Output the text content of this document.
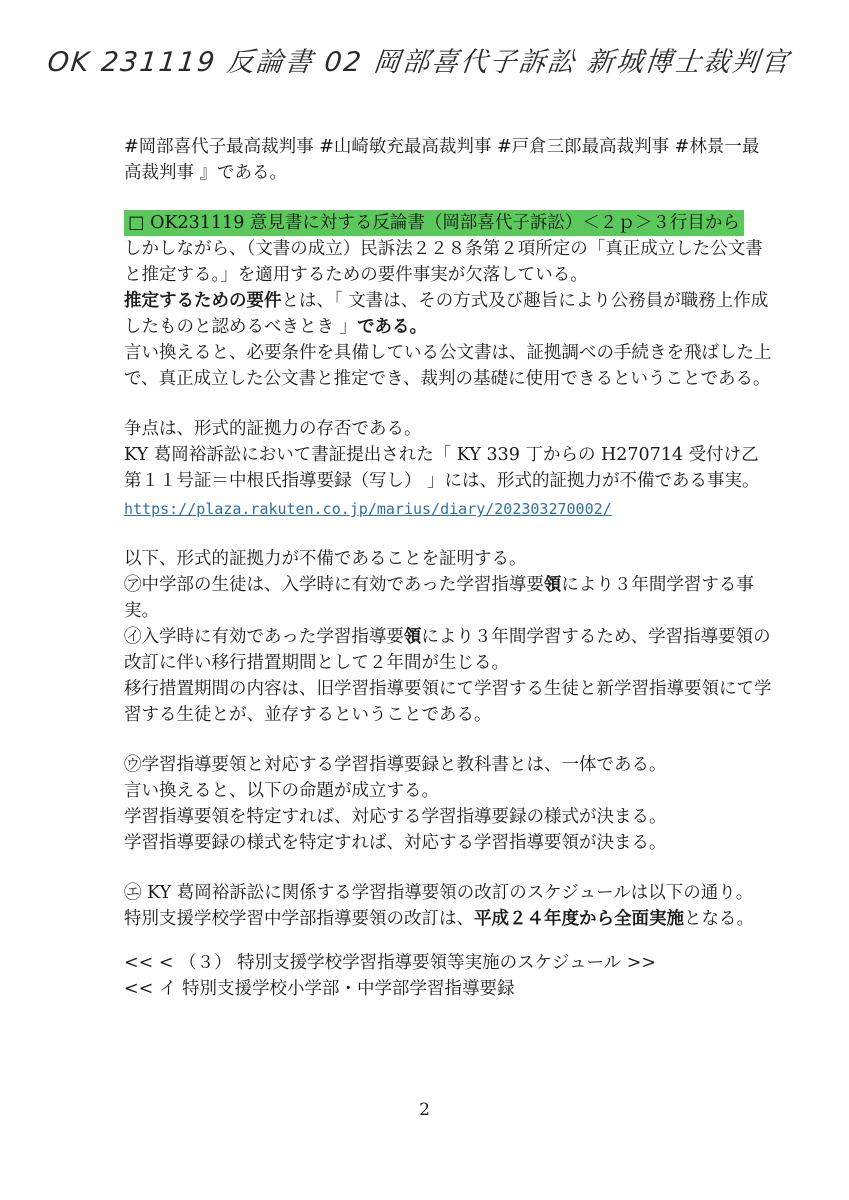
OK 231119 反論書 02 岡部喜代子訴訟 新城博士裁判官

#岡部喜代子最高裁判事 #山崎敏充最高裁判事 #戸倉三郎最高裁判事 #林景一最高裁判事 』である。

□ OK231119 意見書に対する反論書（岡部喜代子訴訟）＜２ｐ＞３行目から

しかしながら、（文書の成立）民訴法２２８条第２項所定の「真正成立した公文書と推定する。」を適用するための要件事実が欠落している。

推定するための要件とは、「 文書は、その方式及び趣旨により公務員が職務上作成したものと認めるべきとき 」である。

言い換えると、必要条件を具備している公文書は、証拠調べの手続きを飛ばした上で、真正成立した公文書と推定でき、裁判の基礎に使用できるということである。

争点は、形式的証拠力の存否である。

KY 葛岡裕訴訟において書証提出された「 KY 339 丁からの H270714 受付け乙第１１号証＝中根氏指導要録（写し） 」には、形式的証拠力が不備である事実。

https://plaza.rakuten.co.jp/marius/diary/202303270002/

以下、形式的証拠力が不備であることを証明する。

㋐中学部の生徒は、入学時に有効であった学習指導要領により３年間学習する事実。

㋑入学時に有効であった学習指導要領により３年間学習するため、学習指導要領の改訂に伴い移行措置期間として２年間が生じる。

移行措置期間の内容は、旧学習指導要領にて学習する生徒と新学習指導要領にて学習する生徒とが、並存するということである。

㋒学習指導要領と対応する学習指導要録と教科書とは、一体である。

言い換えると、以下の命題が成立する。

学習指導要領を特定すれば、対応する学習指導要録の様式が決まる。

学習指導要録の様式を特定すれば、対応する学習指導要領が決まる。

㋓ KY 葛岡裕訴訟に関係する学習指導要領の改訂のスケジュールは以下の通り。

特別支援学校学習中学部指導要領の改訂は、平成２４年度から全面実施となる。

<< < （３） 特別支援学校学習指導要領等実施のスケジュール >>

<< イ 特別支援学校小学部・中学部学習指導要録

2
